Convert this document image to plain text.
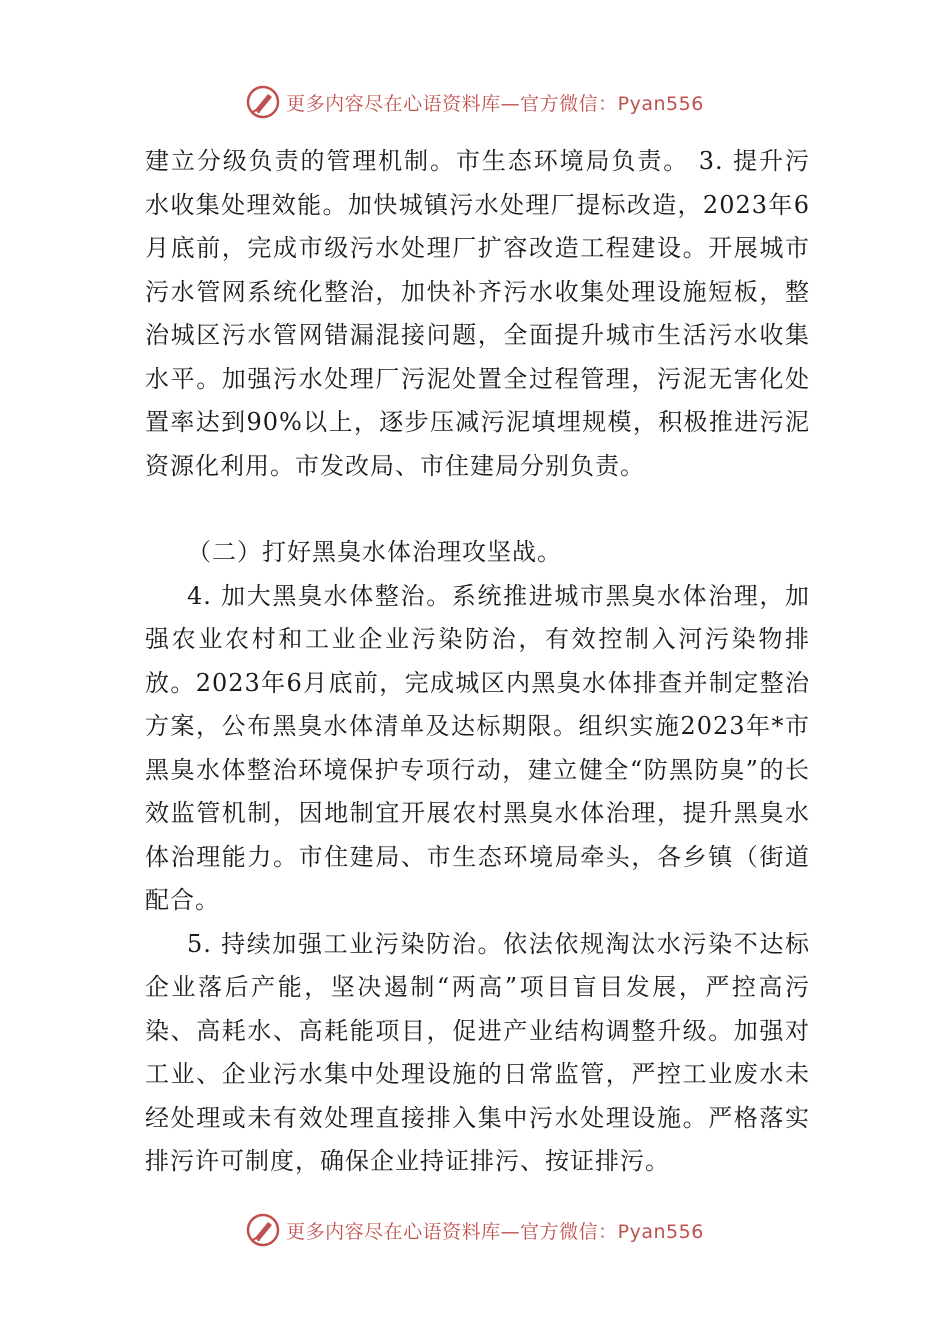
更多内容尽在心语资料库—官方微信：Pyan556

建立分级负责的管理机制。市生态环境局负责。 3. 提升污水收集处理效能。加快城镇污水处理厂提标改造，2023年6月底前，完成市级污水处理厂扩容改造工程建设。开展城市污水管网系统化整治，加快补齐污水收集处理设施短板，整治城区污水管网错漏混接问题，全面提升城市生活污水收集水平。加强污水处理厂污泥处置全过程管理，污泥无害化处置率达到90%以上，逐步压减污泥填埋规模，积极推进污泥资源化利用。市发改局、市住建局分别负责。

（二）打好黑臭水体治理攻坚战。

4. 加大黑臭水体整治。系统推进城市黑臭水体治理，加强农业农村和工业企业污染防治，有效控制入河污染物排放。2023年6月底前，完成城区内黑臭水体排查并制定整治方案，公布黑臭水体清单及达标期限。组织实施2023年*市黑臭水体整治环境保护专项行动，建立健全“防黑防臭”的长效监管机制，因地制宜开展农村黑臭水体治理，提升黑臭水体治理能力。市住建局、市生态环境局牵头，各乡镇（街道配合。

5. 持续加强工业污染防治。依法依规淘汰水污染不达标企业落后产能，坚决遏制“两高”项目盲目发展，严控高污染、高耗水、高耗能项目，促进产业结构调整升级。加强对工业、企业污水集中处理设施的日常监管，严控工业废水未经处理或未有效处理直接排入集中污水处理设施。严格落实排污许可制度，确保企业持证排污、按证排污。

更多内容尽在心语资料库—官方微信：Pyan556
